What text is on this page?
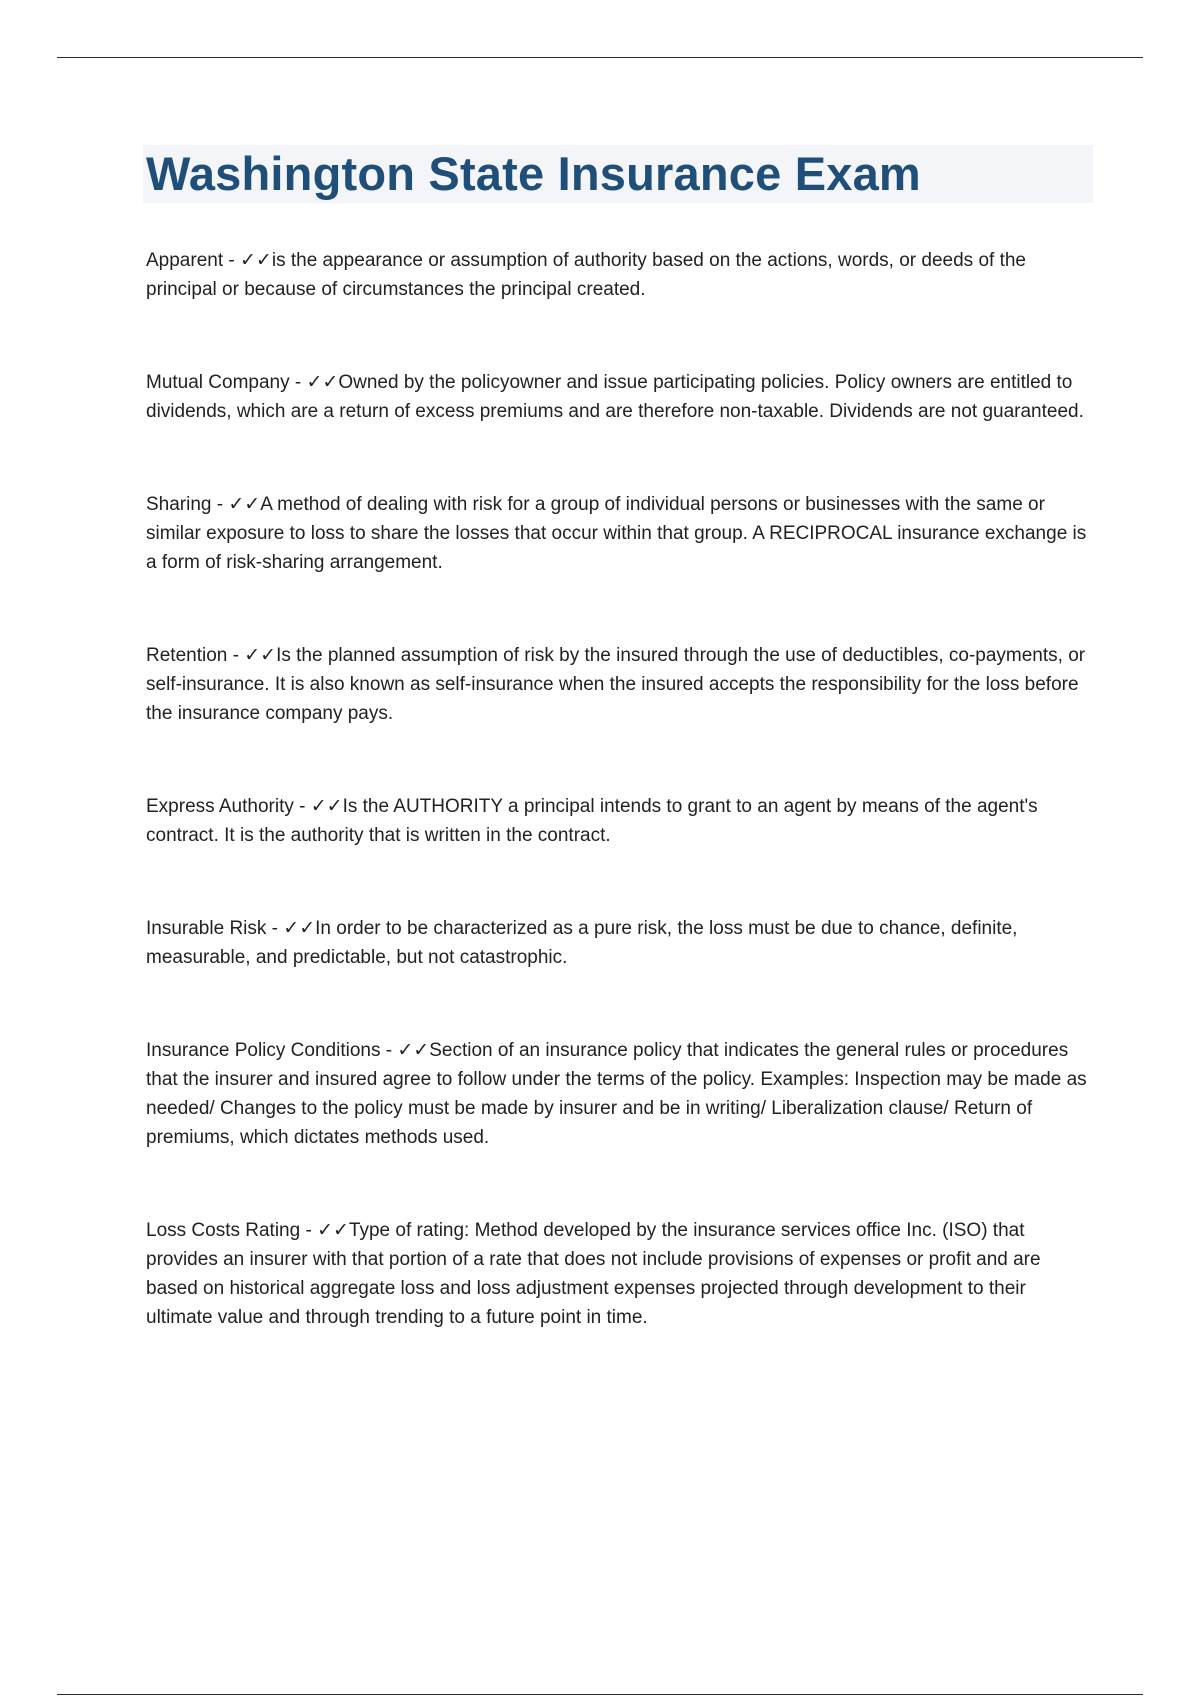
Washington State Insurance Exam

Apparent - ✓✓is the appearance or assumption of authority based on the actions, words, or deeds of the principal or because of circumstances the principal created.

Mutual Company - ✓✓Owned by the policyowner and issue participating policies. Policy owners are entitled to dividends, which are a return of excess premiums and are therefore non-taxable. Dividends are not guaranteed.

Sharing - ✓✓A method of dealing with risk for a group of individual persons or businesses with the same or similar exposure to loss to share the losses that occur within that group. A RECIPROCAL insurance exchange is a form of risk-sharing arrangement.

Retention - ✓✓Is the planned assumption of risk by the insured through the use of deductibles, co-payments, or self-insurance. It is also known as self-insurance when the insured accepts the responsibility for the loss before the insurance company pays.

Express Authority - ✓✓Is the AUTHORITY a principal intends to grant to an agent by means of the agent's contract. It is the authority that is written in the contract.

Insurable Risk - ✓✓In order to be characterized as a pure risk, the loss must be due to chance, definite, measurable, and predictable, but not catastrophic.

Insurance Policy Conditions - ✓✓Section of an insurance policy that indicates the general rules or procedures that the insurer and insured agree to follow under the terms of the policy. Examples: Inspection may be made as needed/ Changes to the policy must be made by insurer and be in writing/ Liberalization clause/ Return of premiums, which dictates methods used.

Loss Costs Rating - ✓✓Type of rating: Method developed by the insurance services office Inc. (ISO) that provides an insurer with that portion of a rate that does not include provisions of expenses or profit and are based on historical aggregate loss and loss adjustment expenses projected through development to their ultimate value and through trending to a future point in time.
